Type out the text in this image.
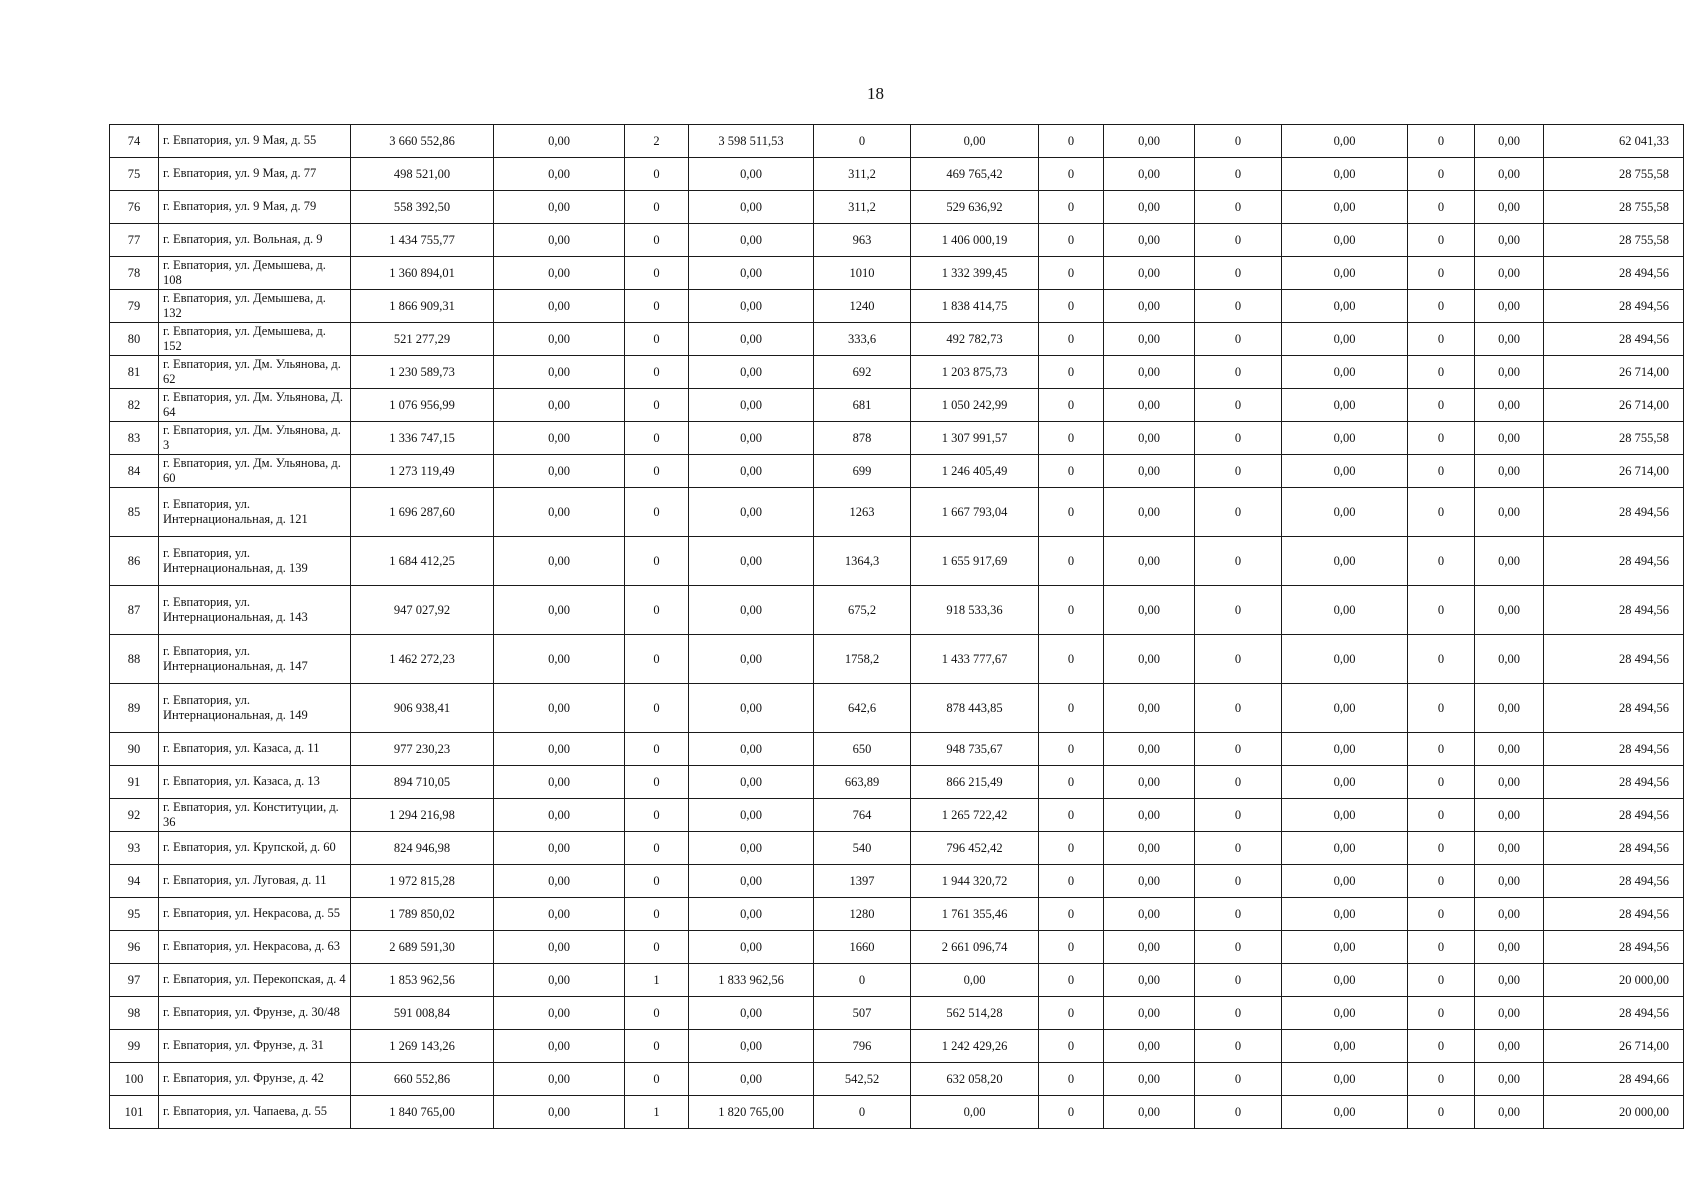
18
74	г. Евпатория, ул. 9 Мая, д. 55	3 660 552,86	0,00	2	3 598 511,53	0	0,00	0	0,00	0	0,00	0	0,00	62 041,33
75	г. Евпатория, ул. 9 Мая, д. 77	498 521,00	0,00	0	0,00	311,2	469 765,42	0	0,00	0	0,00	0	0,00	28 755,58
76	г. Евпатория, ул. 9 Мая, д. 79	558 392,50	0,00	0	0,00	311,2	529 636,92	0	0,00	0	0,00	0	0,00	28 755,58
77	г. Евпатория, ул. Вольная, д. 9	1 434 755,77	0,00	0	0,00	963	1 406 000,19	0	0,00	0	0,00	0	0,00	28 755,58
78	г. Евпатория, ул. Демышева, д. 108	1 360 894,01	0,00	0	0,00	1010	1 332 399,45	0	0,00	0	0,00	0	0,00	28 494,56
79	г. Евпатория, ул. Демышева, д. 132	1 866 909,31	0,00	0	0,00	1240	1 838 414,75	0	0,00	0	0,00	0	0,00	28 494,56
80	г. Евпатория, ул. Демышева, д. 152	521 277,29	0,00	0	0,00	333,6	492 782,73	0	0,00	0	0,00	0	0,00	28 494,56
81	г. Евпатория, ул. Дм. Ульянова, д. 62	1 230 589,73	0,00	0	0,00	692	1 203 875,73	0	0,00	0	0,00	0	0,00	26 714,00
82	г. Евпатория, ул. Дм. Ульянова, Д. 64	1 076 956,99	0,00	0	0,00	681	1 050 242,99	0	0,00	0	0,00	0	0,00	26 714,00
83	г. Евпатория, ул. Дм. Ульянова, д. 3	1 336 747,15	0,00	0	0,00	878	1 307 991,57	0	0,00	0	0,00	0	0,00	28 755,58
84	г. Евпатория, ул. Дм. Ульянова, д. 60	1 273 119,49	0,00	0	0,00	699	1 246 405,49	0	0,00	0	0,00	0	0,00	26 714,00
85	г. Евпатория, ул. Интернациональная, д. 121	1 696 287,60	0,00	0	0,00	1263	1 667 793,04	0	0,00	0	0,00	0	0,00	28 494,56
86	г. Евпатория, ул. Интернациональная, д. 139	1 684 412,25	0,00	0	0,00	1364,3	1 655 917,69	0	0,00	0	0,00	0	0,00	28 494,56
87	г. Евпатория, ул. Интернациональная, д. 143	947 027,92	0,00	0	0,00	675,2	918 533,36	0	0,00	0	0,00	0	0,00	28 494,56
88	г. Евпатория, ул. Интернациональная, д. 147	1 462 272,23	0,00	0	0,00	1758,2	1 433 777,67	0	0,00	0	0,00	0	0,00	28 494,56
89	г. Евпатория, ул. Интернациональная, д. 149	906 938,41	0,00	0	0,00	642,6	878 443,85	0	0,00	0	0,00	0	0,00	28 494,56
90	г. Евпатория, ул. Казаса, д. 11	977 230,23	0,00	0	0,00	650	948 735,67	0	0,00	0	0,00	0	0,00	28 494,56
91	г. Евпатория, ул. Казаса, д. 13	894 710,05	0,00	0	0,00	663,89	866 215,49	0	0,00	0	0,00	0	0,00	28 494,56
92	г. Евпатория, ул. Конституции, д. 36	1 294 216,98	0,00	0	0,00	764	1 265 722,42	0	0,00	0	0,00	0	0,00	28 494,56
93	г. Евпатория, ул. Крупской, д. 60	824 946,98	0,00	0	0,00	540	796 452,42	0	0,00	0	0,00	0	0,00	28 494,56
94	г. Евпатория, ул. Луговая, д. 11	1 972 815,28	0,00	0	0,00	1397	1 944 320,72	0	0,00	0	0,00	0	0,00	28 494,56
95	г. Евпатория, ул. Некрасова, д. 55	1 789 850,02	0,00	0	0,00	1280	1 761 355,46	0	0,00	0	0,00	0	0,00	28 494,56
96	г. Евпатория, ул. Некрасова, д. 63	2 689 591,30	0,00	0	0,00	1660	2 661 096,74	0	0,00	0	0,00	0	0,00	28 494,56
97	г. Евпатория, ул. Перекопская, д. 4	1 853 962,56	0,00	1	1 833 962,56	0	0,00	0	0,00	0	0,00	0	0,00	20 000,00
98	г. Евпатория, ул. Фрунзе, д. 30/48	591 008,84	0,00	0	0,00	507	562 514,28	0	0,00	0	0,00	0	0,00	28 494,56
99	г. Евпатория, ул. Фрунзе, д. 31	1 269 143,26	0,00	0	0,00	796	1 242 429,26	0	0,00	0	0,00	0	0,00	26 714,00
100	г. Евпатория, ул. Фрунзе, д. 42	660 552,86	0,00	0	0,00	542,52	632 058,20	0	0,00	0	0,00	0	0,00	28 494,66
101	г. Евпатория, ул. Чапаева, д. 55	1 840 765,00	0,00	1	1 820 765,00	0	0,00	0	0,00	0	0,00	0	0,00	20 000,00
